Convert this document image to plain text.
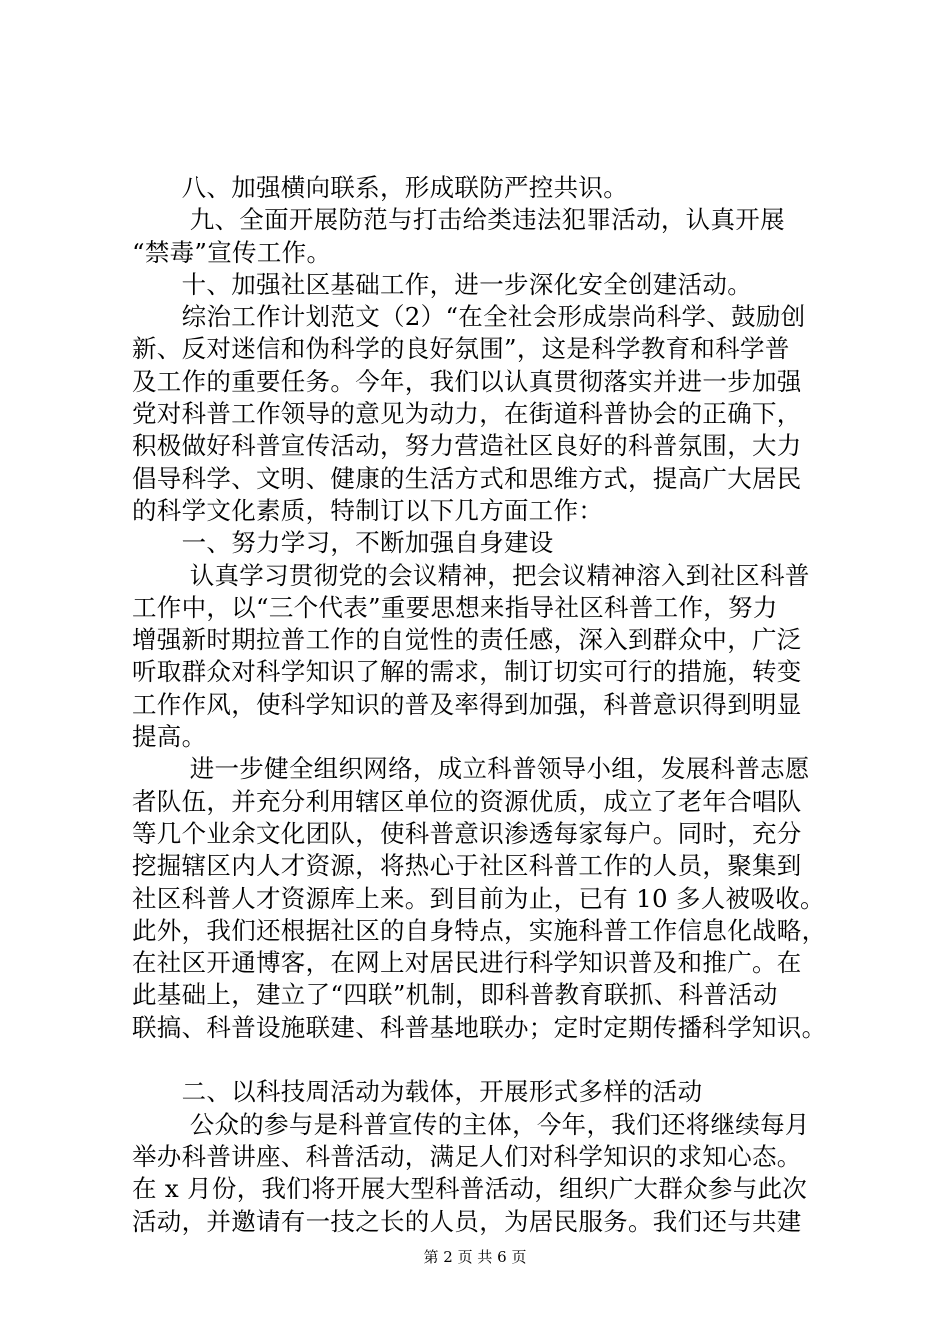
　　八、加强横向联系，形成联防严控共识。
　　 九、全面开展防范与打击给类违法犯罪活动，认真开展
“禁毒”宣传工作。
　　十、加强社区基础工作，进一步深化安全创建活动。
　　综治工作计划范文（2）“在全社会形成崇尚科学、鼓励创
新、反对迷信和伪科学的良好氛围”，这是科学教育和科学普
及工作的重要任务。今年，我们以认真贯彻落实并进一步加强
党对科普工作领导的意见为动力，在街道科普协会的正确下，
积极做好科普宣传活动，努力营造社区良好的科普氛围，大力
倡导科学、文明、健康的生活方式和思维方式，提高广大居民
的科学文化素质，特制订以下几方面工作：
　　一、努力学习，不断加强自身建设
　　 认真学习贯彻党的会议精神，把会议精神溶入到社区科普
工作中，以“三个代表”重要思想来指导社区科普工作，努力
增强新时期拉普工作的自觉性的责任感，深入到群众中，广泛
听取群众对科学知识了解的需求，制订切实可行的措施，转变
工作作风，使科学知识的普及率得到加强，科普意识得到明显
提高。
　　 进一步健全组织网络，成立科普领导小组，发展科普志愿
者队伍，并充分利用辖区单位的资源优质，成立了老年合唱队
等几个业余文化团队，使科普意识渗透每家每户。同时，充分
挖掘辖区内人才资源，将热心于社区科普工作的人员，聚集到
社区科普人才资源库上来。到目前为止，已有 10 多人被吸收。
此外，我们还根据社区的自身特点，实施科普工作信息化战略，
在社区开通博客，在网上对居民进行科学知识普及和推广。在
此基础上，建立了“四联”机制，即科普教育联抓、科普活动
联搞、科普设施联建、科普基地联办；定时定期传播科学知识。
　　二、以科技周活动为载体，开展形式多样的活动
　　 公众的参与是科普宣传的主体，今年，我们还将继续每月
举办科普讲座、科普活动，满足人们对科学知识的求知心态。
在 x 月份，我们将开展大型科普活动，组织广大群众参与此次
活动，并邀请有一技之长的人员，为居民服务。我们还与共建
第 2 页 共 6 页
